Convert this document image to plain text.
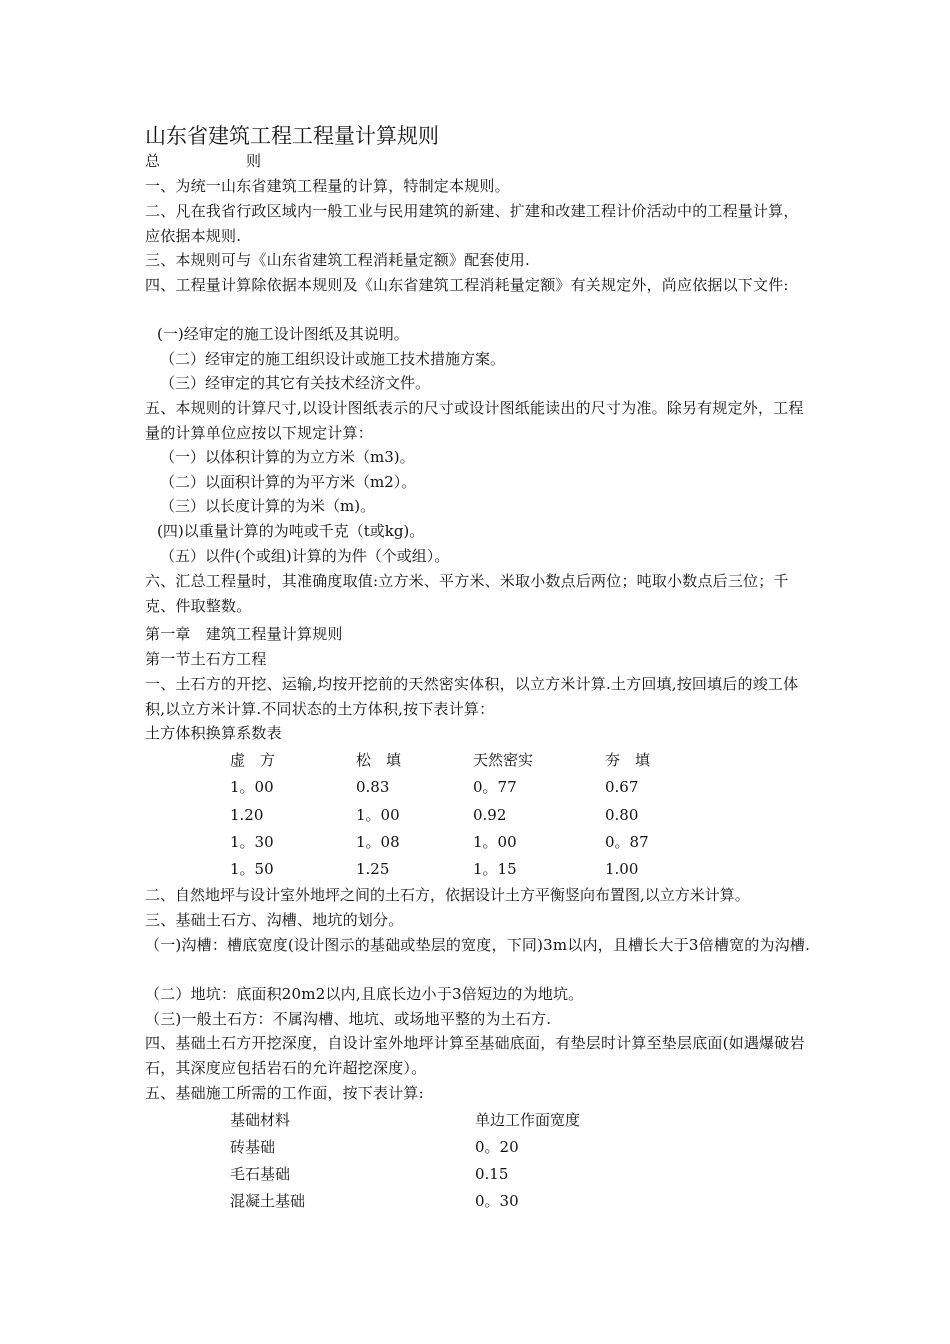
山东省建筑工程工程量计算规则
总	则
一、为统一山东省建筑工程量的计算，特制定本规则。
二、凡在我省行政区域内一般工业与民用建筑的新建、扩建和改建工程计价活动中的工程量计算，应依据本规则.
三、本规则可与《山东省建筑工程消耗量定额》配套使用.
四、工程量计算除依据本规则及《山东省建筑工程消耗量定额》有关规定外，尚应依据以下文件:
(一)经审定的施工设计图纸及其说明。
（二）经审定的施工组织设计或施工技术措施方案。
（三）经审定的其它有关技术经济文件。
五、本规则的计算尺寸,以设计图纸表示的尺寸或设计图纸能读出的尺寸为准。除另有规定外，工程量的计算单位应按以下规定计算：
（一）以体积计算的为立方米（m3)。
（二）以面积计算的为平方米（m2）。
（三）以长度计算的为米（m)。
(四)以重量计算的为吨或千克（t或kg)。
（五）以件(个或组)计算的为件（个或组）。
六、汇总工程量时，其准确度取值:立方米、平方米、米取小数点后两位；吨取小数点后三位；千克、件取整数。
第一章　建筑工程量计算规则
第一节土石方工程
一、土石方的开挖、运输,均按开挖前的天然密实体积，以立方米计算.土方回填,按回填后的竣工体积,以立方米计算.不同状态的土方体积,按下表计算：
土方体积换算系数表
虚　方	松　填	天然密实	夯　填
1。00	0.83	0。77	0.67
1.20	1。00	0.92	0.80
1。30	1。08	1。00	0。87
1。50	1.25	1。15	1.00
二、自然地坪与设计室外地坪之间的土石方，依据设计土方平衡竖向布置图,以立方米计算。
三、基础土石方、沟槽、地坑的划分。
（一)沟槽：槽底宽度(设计图示的基础或垫层的宽度，下同)3m以内，且槽长大于3倍槽宽的为沟槽.
（二）地坑：底面积20m2以内,且底长边小于3倍短边的为地坑。
（三)一般土石方：不属沟槽、地坑、或场地平整的为土石方.
四、基础土石方开挖深度，自设计室外地坪计算至基础底面，有垫层时计算至垫层底面(如遇爆破岩石，其深度应包括岩石的允许超挖深度）。
五、基础施工所需的工作面，按下表计算:
基础材料	单边工作面宽度
砖基础	0。20
毛石基础	0.15
混凝土基础	0。30
